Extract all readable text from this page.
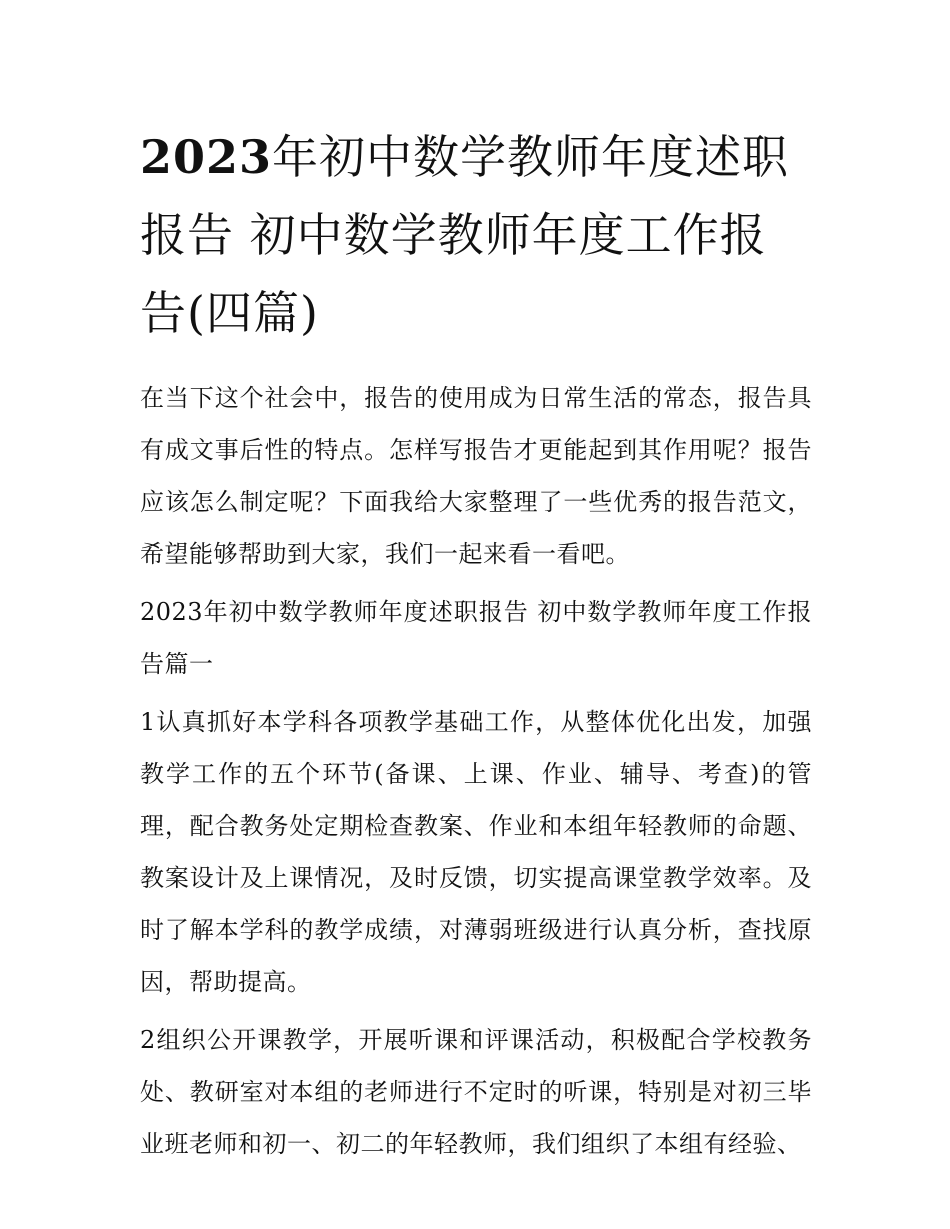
2023年初中数学教师年度述职报告 初中数学教师年度工作报告(四篇)

在当下这个社会中，报告的使用成为日常生活的常态，报告具有成文事后性的特点。怎样写报告才更能起到其作用呢？报告应该怎么制定呢？下面我给大家整理了一些优秀的报告范文，希望能够帮助到大家，我们一起来看一看吧。

2023年初中数学教师年度述职报告 初中数学教师年度工作报告篇一

1认真抓好本学科各项教学基础工作，从整体优化出发，加强教学工作的五个环节(备课、上课、作业、辅导、考查)的管理，配合教务处定期检查教案、作业和本组年轻教师的命题、教案设计及上课情况，及时反馈，切实提高课堂教学效率。及时了解本学科的教学成绩，对薄弱班级进行认真分析，查找原因，帮助提高。

2组织公开课教学，开展听课和评课活动，积极配合学校教务处、教研室对本组的老师进行不定时的听课，特别是对初三毕业班老师和初一、初二的年轻教师，我们组织了本组有经验、
